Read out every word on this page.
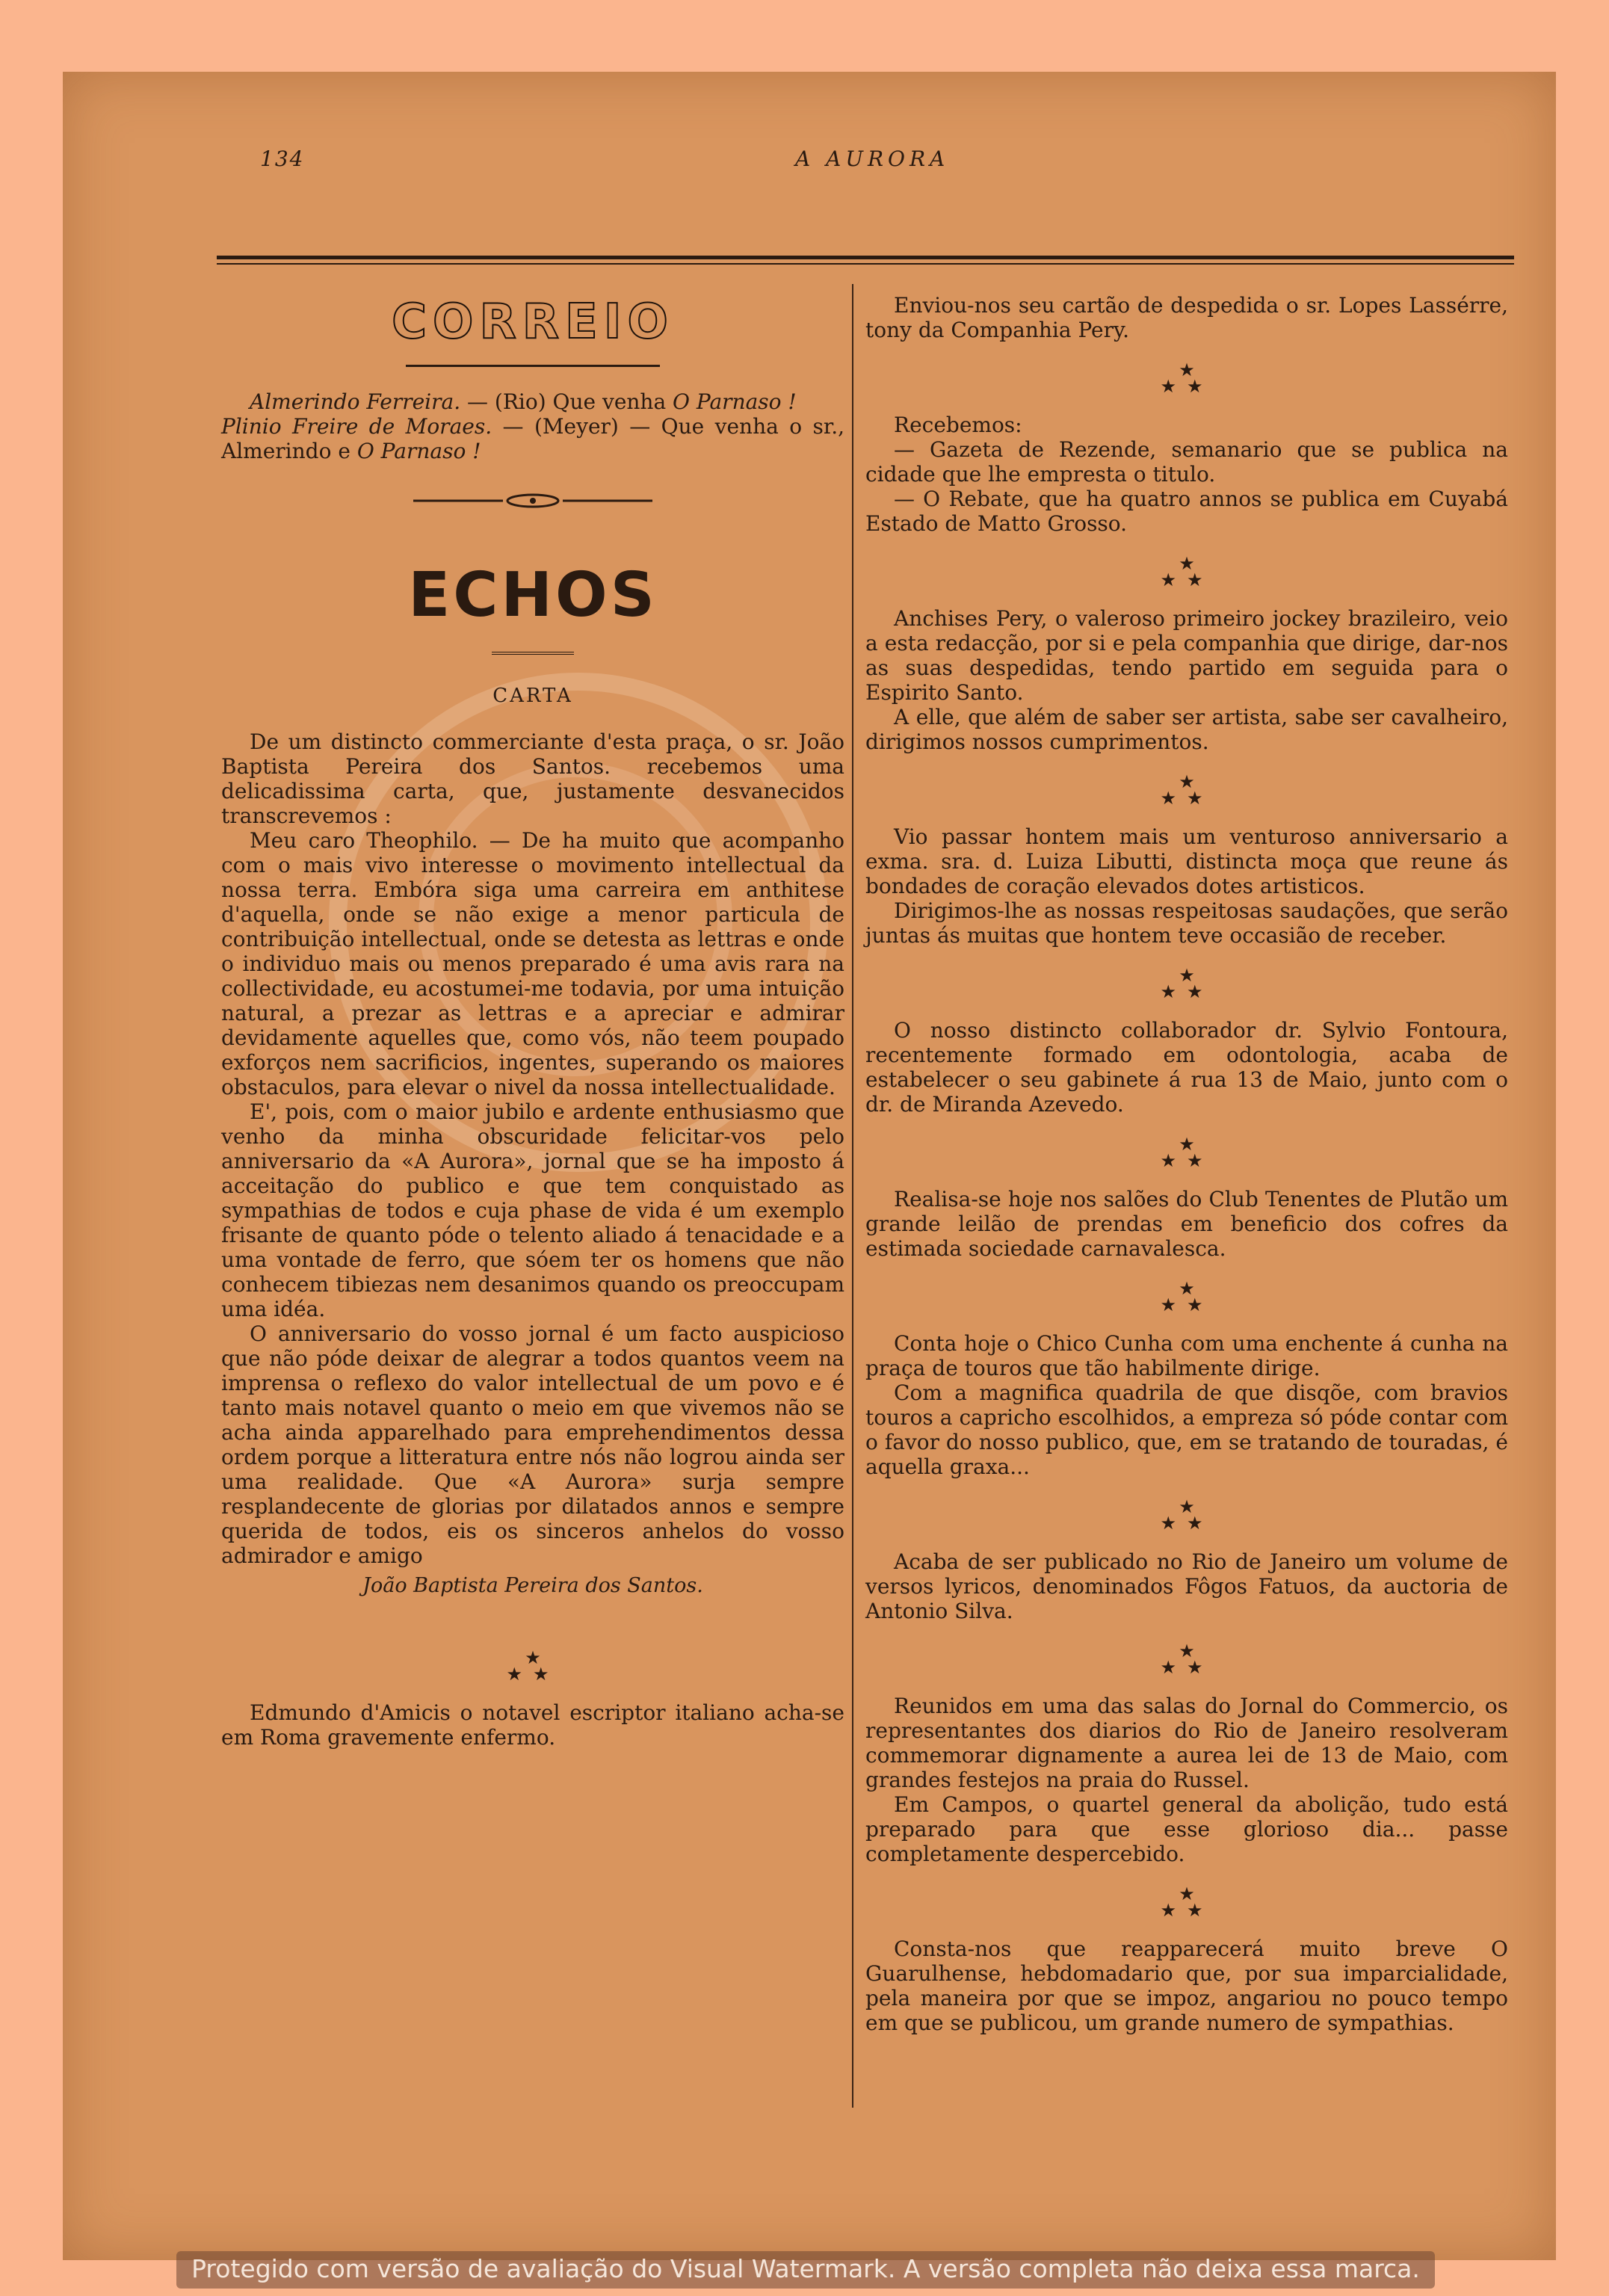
134	A AURORA
CORREIO

Almerindo Ferreira. — (Rio) Que venha O Parnaso !

Plinio Freire de Moraes. — (Meyer) — Que venha o sr., Almerindo e O Parnaso !

ECHOS
CARTA

De um distincto commerciante d'esta praça, o sr. João Baptista Pereira dos Santos. recebemos uma delicadissima carta, que, justamente desvanecidos transcrevemos :

Meu caro Theophilo. — De ha muito que acompanho com o mais vivo interesse o movimento intellectual da nossa terra. Embóra siga uma carreira em anthitese d'aquella, onde se não exige a menor particula de contribuição intellectual, onde se detesta as lettras e onde o individuo mais ou menos preparado é uma avis rara na collectividade, eu acostumei-me todavia, por uma intuição natural, a prezar as lettras e a apreciar e admirar devidamente aquelles que, como vós, não teem poupado exforços nem sacrificios, ingentes, superando os maiores obstaculos, para elevar o nivel da nossa intellectualidade.

E', pois, com o maior jubilo e ardente enthusiasmo que venho da minha obscuridade felicitar-vos pelo anniversario da «A Aurora», jornal que se ha imposto á acceitação do publico e que tem conquistado as sympathias de todos e cuja phase de vida é um exemplo frisante de quanto póde o telento aliado á tenacidade e a uma vontade de ferro, que sóem ter os homens que não conhecem tibiezas nem desanimos quando os preoccupam uma idéa.

O anniversario do vosso jornal é um facto auspicioso que não póde deixar de alegrar a todos quantos veem na imprensa o reflexo do valor intellectual de um povo e é tanto mais notavel quanto o meio em que vivemos não se acha ainda apparelhado para emprehendimentos dessa ordem porque a litteratura entre nós não logrou ainda ser uma realidade. Que «A Aurora» surja sempre resplandecente de glorias por dilatados annos e sempre querida de todos, eis os sinceros anhelos do vosso admirador e amigo

João Baptista Pereira dos Santos.
★
★★

Edmundo d'Amicis o notavel escriptor italiano acha-se em Roma gravemente enfermo.

Enviou-nos seu cartão de despedida o sr. Lopes Lassérre, tony da Companhia Pery.

★
★★

Recebemos:

— Gazeta de Rezende, semanario que se publica na cidade que lhe empresta o titulo.

— O Rebate, que ha quatro annos se publica em Cuyabá Estado de Matto Grosso.

★
★★

Anchises Pery, o valeroso primeiro jockey brazileiro, veio a esta redacção, por si e pela companhia que dirige, dar-nos as suas despedidas, tendo partido em seguida para o Espirito Santo.

A elle, que além de saber ser artista, sabe ser cavalheiro, dirigimos nossos cumprimentos.

★
★★

Vio passar hontem mais um venturoso anniversario a exma. sra. d. Luiza Libutti, distincta moça que reune ás bondades de coração elevados dotes artisticos.

Dirigimos-lhe as nossas respeitosas saudações, que serão juntas ás muitas que hontem teve occasião de receber.

★
★★

O nosso distincto collaborador dr. Sylvio Fontoura, recentemente formado em odontologia, acaba de estabelecer o seu gabinete á rua 13 de Maio, junto com o dr. de Miranda Azevedo.

★
★★

Realisa-se hoje nos salões do Club Tenentes de Plutão um grande leilão de prendas em beneficio dos cofres da estimada sociedade carnavalesca.

★
★★

Conta hoje o Chico Cunha com uma enchente á cunha na praça de touros que tão habilmente dirige.

Com a magnifica quadrila de que disqõe, com bravios touros a capricho escolhidos, a empreza só póde contar com o favor do nosso publico, que, em se tratando de touradas, é aquella graxa...

★
★★

Acaba de ser publicado no Rio de Janeiro um volume de versos lyricos, denominados Fôgos Fatuos, da auctoria de Antonio Silva.

★
★★

Reunidos em uma das salas do Jornal do Commercio, os representantes dos diarios do Rio de Janeiro resolveram commemorar dignamente a aurea lei de 13 de Maio, com grandes festejos na praia do Russel.

Em Campos, o quartel general da abolição, tudo está preparado para que esse glorioso dia... passe completamente despercebido.

★
★★

Consta-nos que reapparecerá muito breve O Guarulhense, hebdomadario que, por sua imparcialidade, pela maneira por que se impoz, angariou no pouco tempo em que se publicou, um grande numero de sympathias.

Protegido com versão de avaliação do Visual Watermark. A versão completa não deixa essa marca.
